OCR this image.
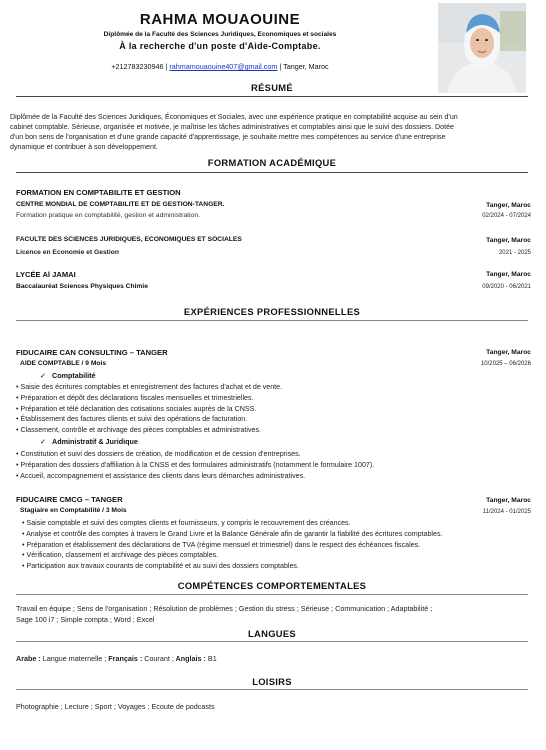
RAHMA MOUAOUINE
Diplômée de la Faculté des Sciences Juridiques, Economiques et sociales
À la recherche d'un poste d'Aide-Comptabe.
+212783230946 | rahmamouaouine407@gmail.com | Tanger, Maroc
RÉSUMÉ
Diplômée de la Faculté des Sciences Juridiques, Économiques et Sociales, avec une expérience pratique en comptabilité acquise au sein d'un
cabinet comptable. Sérieuse, organisée et motivée, je maîtrise les tâches administratives et comptables ainsi que le suivi des dossiers. Dotée
d'un bon sens de l'organisation et d'une grande capacité d'apprentissage, je souhaite mettre mes compétences au service d'une entreprise
dynamique et contribuer à son développement.
FORMATION ACADÉMIQUE
FORMATION EN COMPTABILITE ET GESTION
CENTRE MONDIAL DE COMPTABILITE ET DE GESTION-TANGER.
Formation pratique en comptabilité, gestion et administration.
Tanger, Maroc
02/2024 - 07/2024
FACULTE DES SCIENCES JURIDIQUES, ECONOMIQUES ET SOCIALES
Licence en Economie et Gestion
Tanger, Maroc
2021 - 2025
LYCÉE Al JAMAI
Baccalauréat Sciences Physiques Chimie
Tanger, Maroc
09/2020 - 06/2021
EXPÉRIENCES PROFESSIONNELLES
FIDUCAIRE CAN CONSULTING – TANGER
AIDE COMPTABLE / 9 Mois
Tanger, Maroc
10/2025 – 06/2026
✓ Comptabilité
• Saisie des écritures comptables et enregistrement des factures d'achat et de vente.
• Préparation et dépôt des déclarations fiscales mensuelles et trimestrielles.
• Préparation et télé déclaration des cotisations sociales auprès de la CNSS.
• Établissement des factures clients et suivi des opérations de facturation.
• Classement, contrôle et archivage des pièces comptables et administratives.
✓ Administratif & Juridique
• Constitution et suivi des dossiers de création, de modification et de cession d'entreprises.
• Préparation des dossiers d'affiliation à la CNSS et des formulaires administratifs (notamment le formulaire 1007).
• Accueil, accompagnement et assistance des clients dans leurs démarches administratives.
FIDUCAIRE CMCG – TANGER
Stagiaire en Comptabilité / 3 Mois
Tanger, Maroc
11/2024 - 01/2025
• Saisie comptable et suivi des comptes clients et fournisseurs, y compris le recouvrement des créances.
• Analyse et contrôle des comptes à travers le Grand Livre et la Balance Générale afin de garantir la fiabilité des écritures comptables.
• Préparation et établissement des déclarations de TVA (régime mensuel et trimestriel) dans le respect des échéances fiscales.
• Vérification, classement et archivage des pièces comptables.
• Participation aux travaux courants de comptabilité et au suivi des dossiers comptables.
COMPÉTENCES COMPORTEMENTALES
Travail en équipe ; Sens de l'organisation ; Résolution de problèmes ; Gestion du stress ; Sérieuse ; Communication ; Adaptabilité ;
Sage 100 i7 ; Simple compta ; Word ; Excel
LANGUES
Arabe : Langue maternelle ; Français : Courant ; Anglais : B1
LOISIRS
Photographie ; Lecture ; Sport ; Voyages ; Ecoute de podcasts
